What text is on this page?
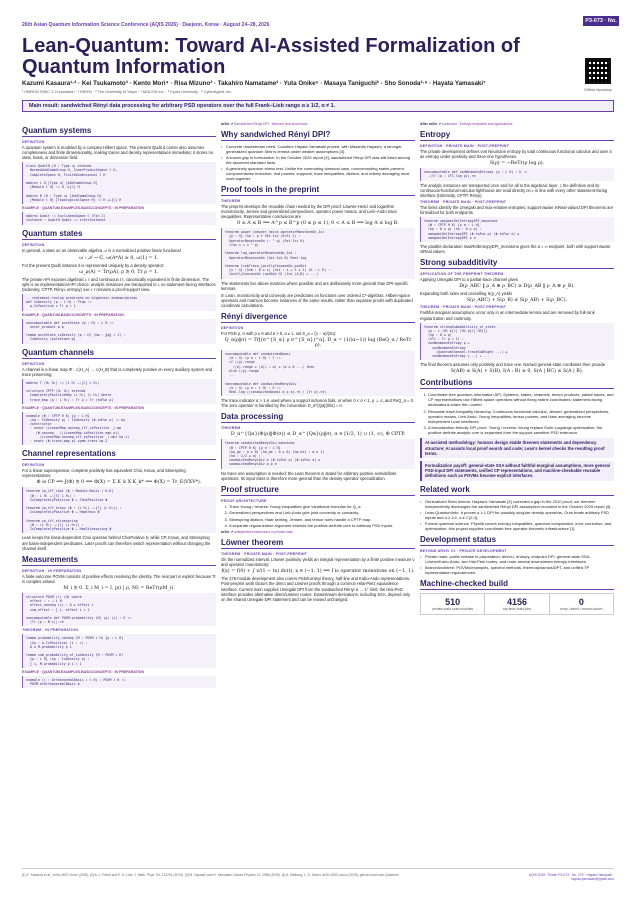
26th Asian Quantum Information Science Conference (AQIS 2026) · Daejeon, Korea · August 24–28, 2026
P3-073 · No. 279
Lean-Quantum: Toward AI-Assisted Formalization of Quantum Information
GitHub repository
Kazumi Kasaura¹·² · Kei Tsukamoto³ · Kento Mori⁴ · Risa Mizuno³ · Takahiro Namatame³ · Yuta Onike⁵ · Masaya Taniguchi² · Sho Sonoda²·⁶ · Hayata Yamasaki⁷
¹ OMRON SINIC X Corporation · ² RIKEN · ³ The University of Tokyo · ⁴ MOLSIS Inc. · ⁵ Kyoto University · ⁶ CyberAgent, Inc.
Main result: sandwiched Rényi data processing for arbitrary PSD operators over the full Frank–Lieb range α ≥ 1/2, α ≠ 1.
Quantum systems
DEFINITION
A quantum system is modeled by a complex Hilbert space. The present Qudit d carrier also assumes completeness and finite dimensionality, making traces and density representatives immediate; it stores no state, basis, or dimension field.
class QuditH (H : Type u) extends
NormedAddCommGroup H, InnerProductSpace ℂ H,
CompleteSpace H, FiniteDimensional ℂ H

abbrev L H [Type u] [AddCommGroup H]
[Module ℂ H] := H →L[ℂ] H

abbrev B (H : Type u) [AddCommGroup H]
[Module ℂ H] [TopologicalSpace H] := H →L[ℂ] H
EXAMPLE · QUANTUM.EXAMPLES.BASICCONCEPTS · IN PREPARATION
abbrev Qubit := EuclideanSpace ℂ (Fin 2)
instance : QuditH Qubit := inferInstance
Quantum states
DEFINITION
In general, a state on an observable algebra 𝒜 is a normalized positive linear functional
ω : 𝒜 → ℂ, ω(A*A) ≥ 0, ω(1) = 1.
For the present Qudit instance it is represented uniquely by a density operator:
ω_ρ(A) = Tr(ρA), ρ ⪰ 0, Tr ρ = 1.
The private API exposes algebraic ι, ℓ and continuous ℓ ℓ, canonically equivalent in finite dimension. The split is an implementation/API choice: analytic instances are transported to ι, so statement-facing interfaces (Isdensity, CPTP, Rényi, entropy) use ι; ℓ remains a proof-support view.
-- statement-facing predicate on algebraic endomorphisms
def IsDensity (ρ : L H) : Prop :=
ρ.IsPositive ∧ Tr ρ = 1
EXAMPLE · QUANTUM.BASICCONCEPTS · IN PREPARATION
noncomputable def pureState (ψ : H) : L H :=
outer_product ψ ψ

lemma pureState_isDensity (ψ : H) (hψ : ‖ψ‖ = 1) :
IsDensity (pureState ψ)
Quantum channels
DEFINITION
A channel is a linear map Φ : ℒ(H_A) → ℒ(H_B) that is completely positive on every auxiliary system and trace preserving.
abbrev T (H₁ H₂) := (L H₁ →ₗ[ℂ] L H₂)

structure CPTP (H₁ H₂) extends
CompletelyPositiveMap (L H₁) (L H₂) where
trace_map (ρ : L H₁) : Tr ρ = Tr (toFun ρ)
EXAMPLE · QUANTUM.EXAMPLES.BASICCONCEPTS · IN PREPARATION
example (Φ : CPTP H K) {ρ : L H}
(hρ : IsDensity ρ) : IsDensity (Φ.toFun ρ) := by
constructor
· exact (LinearMap.nonneg_iff_isPositive _).mp
(Φ.nonneg _ ((LinearMap.isPositive_map ρ))
(LinearMap.nonneg_iff_isPositive _).mpr hρ.1)
· exact (Φ.trace_map ρ).symm.trans hρ.2
Channel representations
DEFINITION
For a linear superoperator, complete positivity has equivalent Choi, Kraus, and Stinespring representations:
Φ is CP ⟺ J(Φ) ⪰ 0 ⟺ Φ(X) = Σ K_k X K_k* ⟺ Φ(X) = Tr_E(VXV*).
theorem cp_iff_choi (Φ : Module.Basis ι H.K)
(Φ : L H₁ →ₗ[ℂ] L H₂) :
IsCompletelyPositive Φ ↔ ChoiPositive Φ

theorem cp_iff_kraus (Φ : (L H₁) →ₗ[ℂ] (L H₂)) :
IsCompletelyPositive Φ ↔ HasKraus Φ

theorem cp_iff_stinespring
(Φ : (L H₁) →ₗ[ℂ] (L H₂)) :
IsCompletelyPositive Φ ↔ HasStinespring Φ
Lean keeps the basis-dependent Choi operator behind ChoiPositive b; while CP, Kraus, and Stinespring are basis-independent predicates. Later proofs can therefore switch representation without changing the channel itself.
Measurements
DEFINITION · IN PREPARATION
A finite-outcome POVM consists of positive effects resolving the identity. The real part is explicit because Tr is complex valued.
M_i ⪰ 0, Σ_i M_i = I, p(i | ρ, M) = ReTr(ρM_i).
structure POVM (ι) (H) where
effect : ι → L H
effect_nonneg (i) : 0 ≤ effect i
sum_effect : ∑ i, effect i = 1

noncomputable def POVM.probability (M) (ρ) (i) : ℝ :=
(Tr (ρ ∘ M i)).re
THEOREM · IN PREPARATION
lemma probability_nonneg (M : POVM ι H) {ρ : L H}
(hρ : ρ.IsPositive) (i : ι) :
0 ≤ M.probability ρ i

lemma sum_probability_of_isDensity (M : POVM ι H)
{ρ : L H} (hρ : IsDensity ρ) :
∑ i, M.probability ρ i = 1
EXAMPLE · QUANTUM.EXAMPLES.BASICCONCEPTS · IN PREPARATION
example (ι : OrthonormalBasis ι ℂ H) : POVM ι H :=
POVM.ofOrthonormalBasis b
arXiv ↗ Sandwiched Rényi DPI · theorem and proof tools
Why sandwiched Rényi DPI?
• Concrete downstream need. Coauthor Hayata Yamasaki proved, with Masahito Hayashi, a stronger generalized quantum Stein's lemma under weaker assumptions [3].
• A known gap in formulation. In the October 2025 report [4], sandwiched Rényi DPI was still listed among the assumed standard facts.
• A genuinely quantum stress test. Unlike the commuting classical case, noncommuting states prevent componentwise reduction; real powers, supports, trace inequalities, dilation, and unitary averaging must work together.
Proof tools in the preprint
THEOREM
The preprint develops the reusable chain needed by the DPI proof: Löwner-Heinz and logarithm monotonicity, Jensen and generalized perspectives, operator power means, and Lieb–Ando trace inequalities. Representative conclusions are
0 ≤ A ≤ B ⟹ A^p ≤ B^p (0 ≤ p ≤ 1), 0 < A ≤ B ⟹ log A ≤ log B.
theorem power_loewner_heinz_operatorMonotoneOn_Ici
{p : ℝ} (hp : p ∈ Set.Icc (0:ℝ) 1) :
OperatorMonotoneOn (· ^ p) (Set.Ici 0)
(fun x ↦ x ^ p)

theorem log_operatorMonotoneOn_Ioi :
OperatorMonotoneOn (Set.Ioi 0) Real.log

theorem liebTrace_jointlyConcaveOn_psdSet
{s : ℝ} (hs0 : 0 ≤ s) (hs1 : s + t ≤ 1) (K : L H) :
JointlyConcaveOn (psdSet H) (fun (A,B) ↦ ...)
The statements live above matrices where possible and are deliberately more general than DPI-specific lemmas.
In Lean, monotonicity and convexity are predicates on functions over ordered C*-algebras. Hilbert-space operators and matrices become instances of the same results, rather than separate proofs with duplicated coordinate calculations.
Rényi divergence
DEFINITION
For PSD ρ, σ with ρ ≠ 0 and α > 0, α ≠ 1, set S_α = (1 − α)/(2α):
Q_α(ρ‖σ) = Tr[(σ^{S_α} ρ σ^{S_α})^α], D_α = (1/(α−1)) log (ReQ_α / ReTr ρ).
noncomputable def sandwichedQuasi
(α : ℝ) (ρ σ : L H) : ℂ :=
if ((ρ).range
((σ).range ⊆ (σ)) → α) ∧ (σ ≠ 0 ...) then
else ((ρ).range
...

noncomputable def sandwichedRenyiDiv
(α : ℝ) (ρ σ : L H) : ℝ :=
Real.log ((sandwichedQuasi α ρ σ).re / (Tr ρ).re)
The trace indicator α > 1 is used where a support inclusion fails, or when 0 < α < 1, ρ ⊥ σ, and ReQ_α = 0. The zero operator is handled by the convention D_α^{Qα}(0‖σ) = 0.
Data processing
THEOREM
D_α^{Qα}(Φ(ρ)‖Φ(σ)) ≤ D_α^{Qα}(ρ‖σ), α ∈ [1/2, 1) ∪ (1, ∞), Φ CPTP.
theorem sandwichedRenyiDiv_monotone
(Φ : CPTP H K) {ρ σ : L H}
(hρ_ge : ρ ≥ 0) (hσ_ge : σ ≥ 0) (hα_ne1 : α ≠ 1)
(hα : 1/2 ≤ α) :
sandwichedRenyiDiv α (Φ.toFun ρ) (Φ.toFun σ) ≤
sandwichedRenyiDiv α ρ σ
No trace-one assumption is needed: the Lean theorem is stated for arbitrary positive semidefinite operators. Its input class is therefore more general than the density-operator specialization.
Proof structure
PROOF ARCHITECTURE
1. Trace Young / reverse-Young inequalities give variational formulas for Q_α.
2. Generalized perspectives and Lieb-Ando give joint convexity or concavity.
3. Stinespring dilation, Haar twirling, Jensen, and tensor rules handle a CPTP map.
4. A separate regularization argument extends the positive-definite core to arbitrary PSD inputs.
arXiv ↗ Independent extensions in private main
Löwner theorem
THEOREM · PRIVATE MAIN · POST-PREPRINT
On the normalized interval, Löwner positivity yields an integral representation by a finite positive measure ν and operator monotonicity:
f(x) = f(0) + ∫ x/(1 − tx) dν(t), x ∈ (−1, 1) ⟹ f is operator monotone on (−1, 1).
The 275-module development also covers Pick/Koranyi theory, half-line and Kubo-Ando representations. Post-preprint work factors the direct and Löwner proofs through a common Hilai-Pietz equivalence interface. Current main supplies Umegaki DPI from the sandwiched Rényi α → 1⁺ limit; the Hiai-Petz interface provides alternative direct/Löwner routes. Downstream derivations, including SSA, depend only on the shared Umegaki-DPI statement and can be reused unchanged.
After arXiv ↗ continued · Entropy endpoints and applications
Entropy
DEFINITION · PRIVATE MAIN · POST-PREPRINT
The private development defines von Neumann entropy by total continuous functional calculus and uses it as entropy under positivity and trace-one hypotheses.
S(ρ) = −ReTr(ρ log ρ).
noncomputable def vonNeumannEntropy (ρ : L H) : ℝ :=
-(Tr (ρ ∘ CFC.log ρ)).re
The analytic instances are transported once and for all to the algebraic layer, ι; the definition and its continuous-functional-calculus lighthouse are read directly on ι, in line with every other statement-facing interface (IsDensity, CPTP, Rényi).
THEOREM · PRIVATE MAIN · POST-PREPRINT
The limits identify the Umegaki and max-relative entropies; support-aware ℝReal-valued DPI theorems are formalized for both endpoints.
theorem umegakiRelEntropyDPI_monotone
(Φ : CPTP H K) {ρ σ : L H}
(hρ : 0 ≤ ρ) (hσ : 0 ≤ σ) :
umegakiRelEntropyDPI (Φ.toFun ρ) (Φ.toFun σ) ≤
umegakiRelEntropyDPI ρ σ
The parallel declaration maxRelEntropyDPI_monotone gives the α = ∞ endpoint, both with support-aware ℝReal values.
Strong subadditivity
APPLICATION OF THE PREPRINT THEOREM
Applying Umegaki DPI to a partial-trace channel gives
D(ρ_ABC ‖ ρ_A ⊗ ρ_BC) ≥ D(ρ_AB ‖ ρ_A ⊗ ρ_B).
Expanding both sides and cancelling S(ρ_A) yields
S(ρ_ABC) + S(ρ_B) ≤ S(ρ_AB) + S(ρ_BC).
THEOREM · PRIVATE MAIN · POST-PREPRINT
Faithful-marginal assumptions occur only in an intermediate lemma and are removed by full-rank regularization and continuity.
theorem strongSubadditivity_of_state
{ρ : L (H1 ⊗[ℂ] (H2 ⊗[ℂ] H3))}
(hρ : 0 ≤ ρ)
(hTr : Tr ρ = 1) :
vonNeumannEntropy ρ +
vonNeumannEntropy
(QuantumChannel.traceSubRight ...) ≤
vonNeumannEntropy (...) + ...
The final theorem assumes only positivity and trace one. Named general-state corollaries then provide
S(AB) ≤ S(A) + S(B), I(A : B) ≥ 0, S(A | BC) ≤ S(A | B).
Contributions
1. Coordinate-free quantum-information API. Systems, states, channels, tensor products, partial traces, and CP representations use Hilbert-space operators without fixing matrix coordinates; statement-facing declarations share the ι carrier.
2. Reusable trace-inequality hierarchy. Continuous functional calculus, Jensen, generalized perspectives, operator means, Lieb-Ando, Young inequalities, tensor powers, and Haar averaging become independent Lean interfaces.
3. A formalization-friendly DPI proof. Young / reverse-Young replace Euler-Lagrange optimization; the positive-definite analytic core is separated from the support-sensitive PSD extension.
AI-assisted methodology: humans design stable theorem statements and dependency structure; AI assists local proof search and code; Lean's kernel checks the resulting proof terms.
Formalization payoff: general-state SSA without faithful-marginal assumptions, more general PSD-input DPI statements, unified CP representations, and machine-checkable reusable definitions such as POVMs become explicit interfaces.
Related work
• Generalized Stein lemma. Hayashi–Yamasaki [3] corrected a gap in the 2010 proof; our theorem independently discharges the sandwiched Rényi DPI assumption recorded in the October 2025 report [4].
• Lean-QuantumInfo. It proves α ≥ 1 DPI for possibly singular density operators. Ours treats arbitrary PSD inputs and α ≥ 1/2, α ≠ 1 [2,4].
• Formal quantum science. Physlib covers entropy inequalities, quantum computation, error correction, and optimization; this project supplies coordinate-free operator-theoretic infrastructure [1].
Development status
BEYOND ARXIV V1 · PRIVATE DEVELOPMENT
• Private main; public release in preparation: direct-ι, entropy, endpoint DPI, general-state SSA, Löwner/Kubo-Ando, two Hiai-Petz routes, and route-neutral downstream entropy interfaces.
• Branch/worktree: POVMs/examples, spectral methods, thermodynamics/DPT, and unified TP representation equivalences.
Machine-checked build
510
private-main Lean modules
4156
top-level build jobs
0
sorry / admit / custom axiom
[1] K. Kasaura et al., arXiv:2607.0xxxx (2026). [2] A. L. Frank and E. H. Lieb, J. Math. Phys. 54, 122201 (2013). [3] M. Hayashi and H. Yamasaki, Nature Physics 21, 1988 (2025). [4] A. Meiburg, L. D. Sickel, arXiv:2510.xxxxx (2025). github.com/Lean-Quantum	AQIS 2026 · Poster P3-073 · No. 279 · Hayata Yamasaki · hayata.yamasaki@gmail.com
